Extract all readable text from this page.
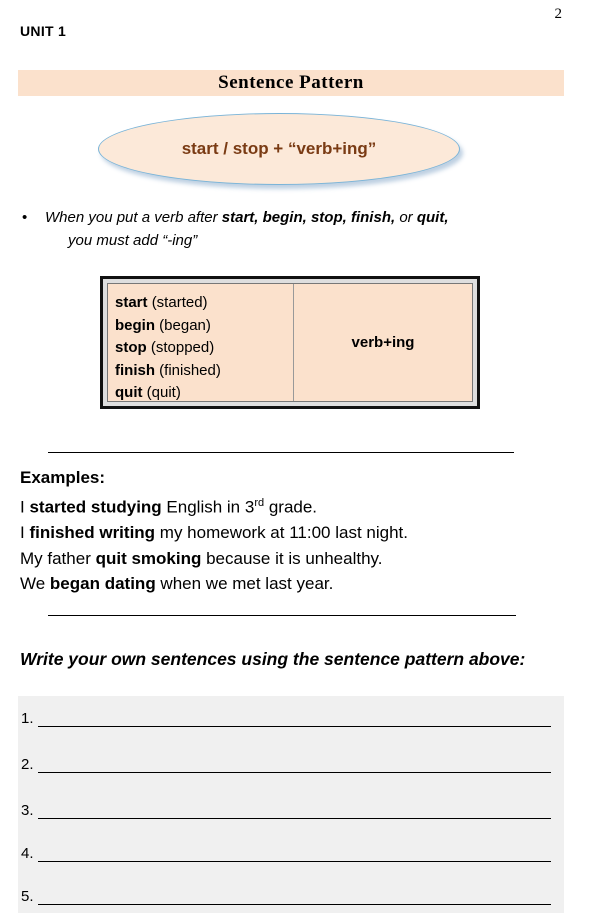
2
UNIT 1
Sentence Pattern
start / stop + “verb+ing”
• When you put a verb after start, begin, stop, finish, or quit,
you must add “-ing”
start (started)
begin (began)
stop (stopped)
finish (finished)
quit (quit)
verb+ing
Examples:
I started studying English in 3rd grade.
I finished writing my homework at 11:00 last night.
My father quit smoking because it is unhealthy.
We began dating when we met last year.
Write your own sentences using the sentence pattern above:
1.
2.
3.
4.
5.
